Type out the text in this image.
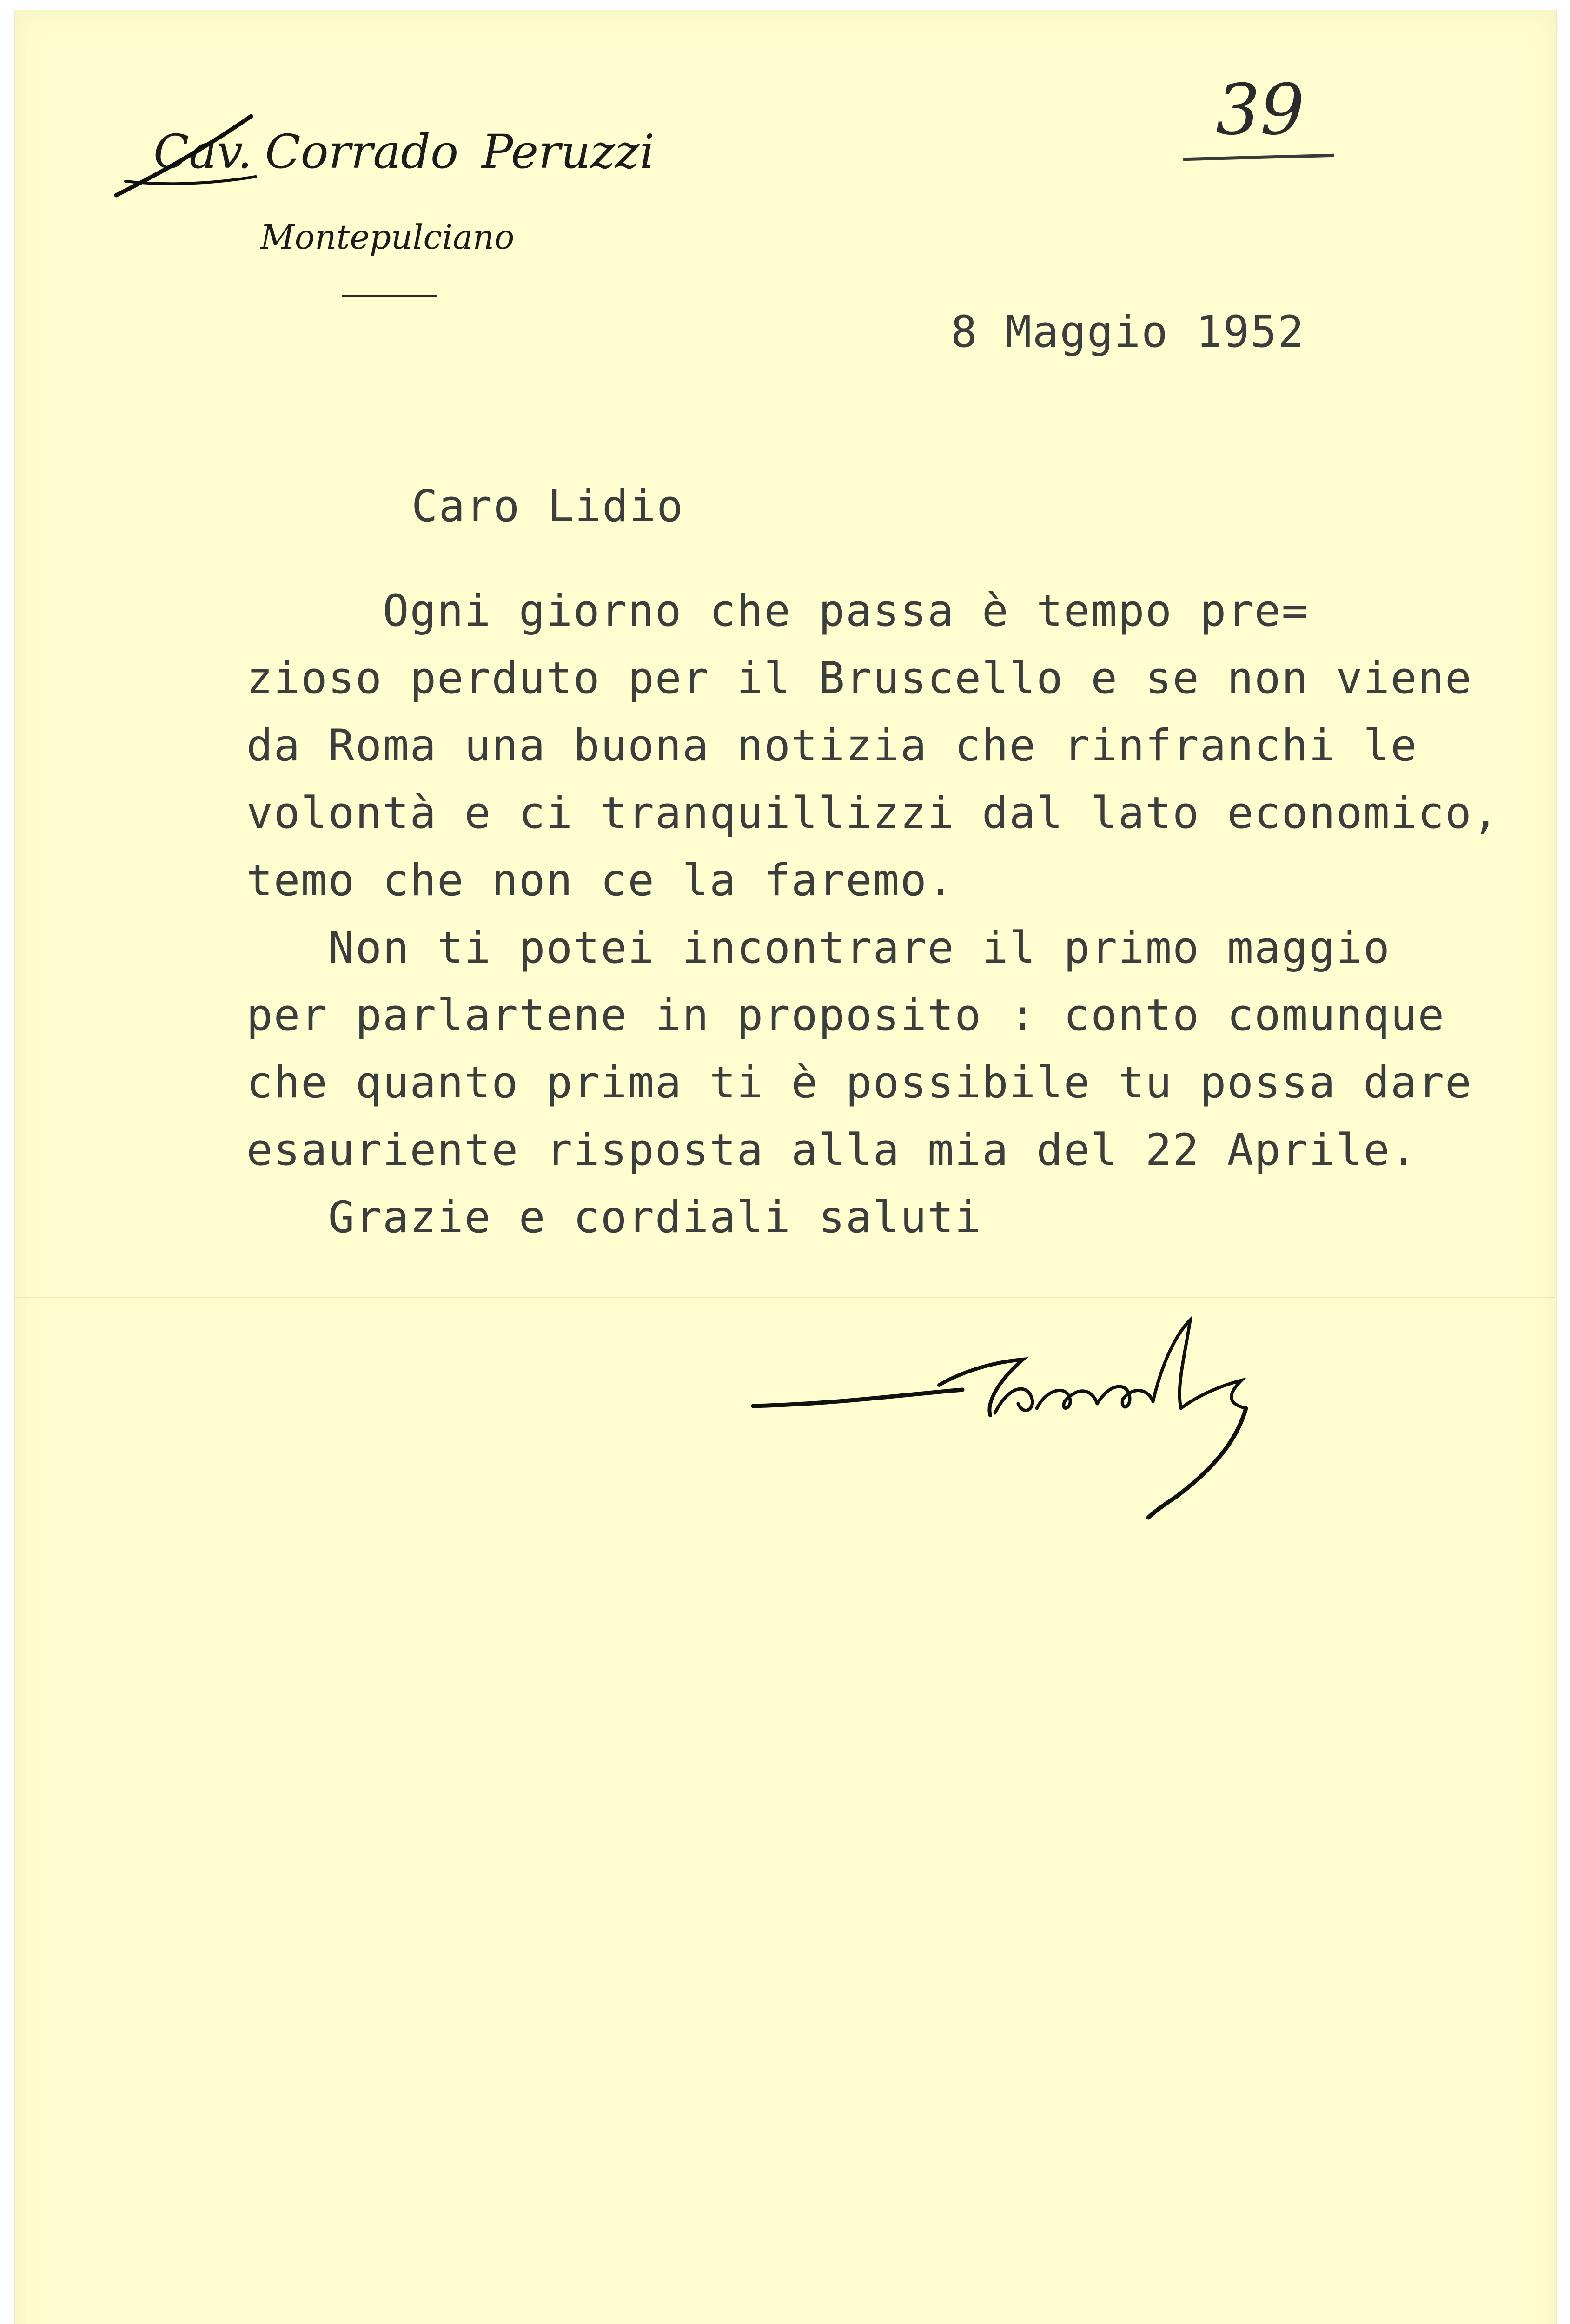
Cav. Corrado Peruzzi
Montepulciano
39
8 Maggio 1952
Caro Lidio
Ogni giorno che passa è tempo pre=
zioso perduto per il Bruscello e se non viene
da Roma una buona notizia che rinfranchi le
volontà e ci tranquillizzi dal lato economico,
temo che non ce la faremo.
Non ti potei incontrare il primo maggio
per parlartene in proposito : conto comunque
che quanto prima ti è possibile tu possa dare
esauriente risposta alla mia del 22 Aprile.
Grazie e cordiali saluti
